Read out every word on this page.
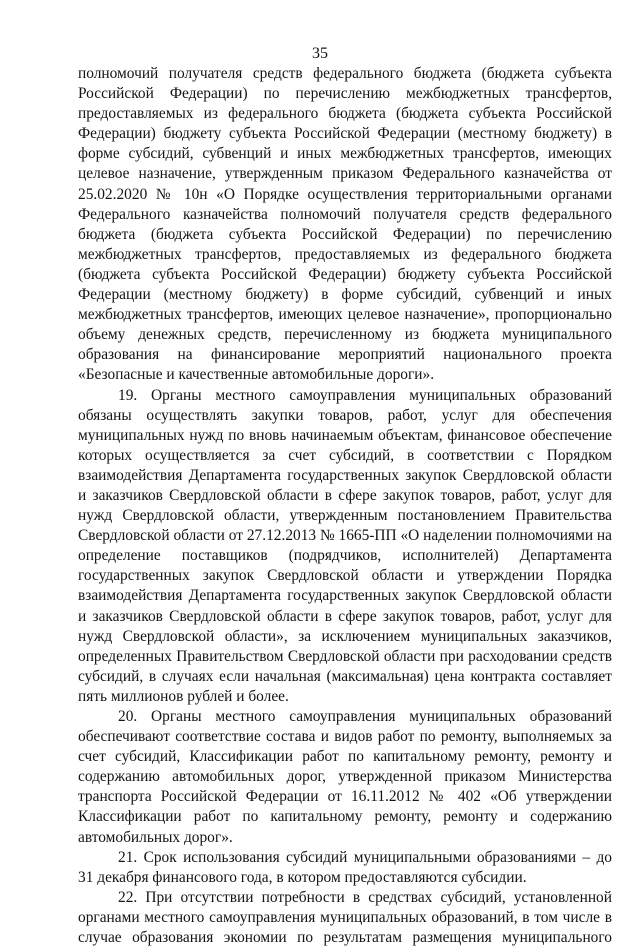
35

полномочий получателя средств федерального бюджета (бюджета субъекта Российской Федерации) по перечислению межбюджетных трансфертов, предоставляемых из федерального бюджета (бюджета субъекта Российской Федерации) бюджету субъекта Российской Федерации (местному бюджету) в форме субсидий, субвенций и иных межбюджетных трансфертов, имеющих целевое назначение, утвержденным приказом Федерального казначейства от 25.02.2020 № 10н «О Порядке осуществления территориальными органами Федерального казначейства полномочий получателя средств федерального бюджета (бюджета субъекта Российской Федерации) по перечислению межбюджетных трансфертов, предоставляемых из федерального бюджета (бюджета субъекта Российской Федерации) бюджету субъекта Российской Федерации (местному бюджету) в форме субсидий, субвенций и иных межбюджетных трансфертов, имеющих целевое назначение», пропорционально объему денежных средств, перечисленному из бюджета муниципального образования на финансирование мероприятий национального проекта «Безопасные и качественные автомобильные дороги».

19. Органы местного самоуправления муниципальных образований обязаны осуществлять закупки товаров, работ, услуг для обеспечения муниципальных нужд по вновь начинаемым объектам, финансовое обеспечение которых осуществляется за счет субсидий, в соответствии с Порядком взаимодействия Департамента государственных закупок Свердловской области и заказчиков Свердловской области в сфере закупок товаров, работ, услуг для нужд Свердловской области, утвержденным постановлением Правительства Свердловской области от 27.12.2013 № 1665-ПП «О наделении полномочиями на определение поставщиков (подрядчиков, исполнителей) Департамента государственных закупок Свердловской области и утверждении Порядка взаимодействия Департамента государственных закупок Свердловской области и заказчиков Свердловской области в сфере закупок товаров, работ, услуг для нужд Свердловской области», за исключением муниципальных заказчиков, определенных Правительством Свердловской области при расходовании средств субсидий, в случаях если начальная (максимальная) цена контракта составляет пять миллионов рублей и более.

20. Органы местного самоуправления муниципальных образований обеспечивают соответствие состава и видов работ по ремонту, выполняемых за счет субсидий, Классификации работ по капитальному ремонту, ремонту и содержанию автомобильных дорог, утвержденной приказом Министерства транспорта Российской Федерации от 16.11.2012 № 402 «Об утверждении Классификации работ по капитальному ремонту, ремонту и содержанию автомобильных дорог».

21. Срок использования субсидий муниципальными образованиями – до 31 декабря финансового года, в котором предоставляются субсидии.

22. При отсутствии потребности в средствах субсидий, установленной органами местного самоуправления муниципальных образований, в том числе в случае образования экономии по результатам размещения муниципального
